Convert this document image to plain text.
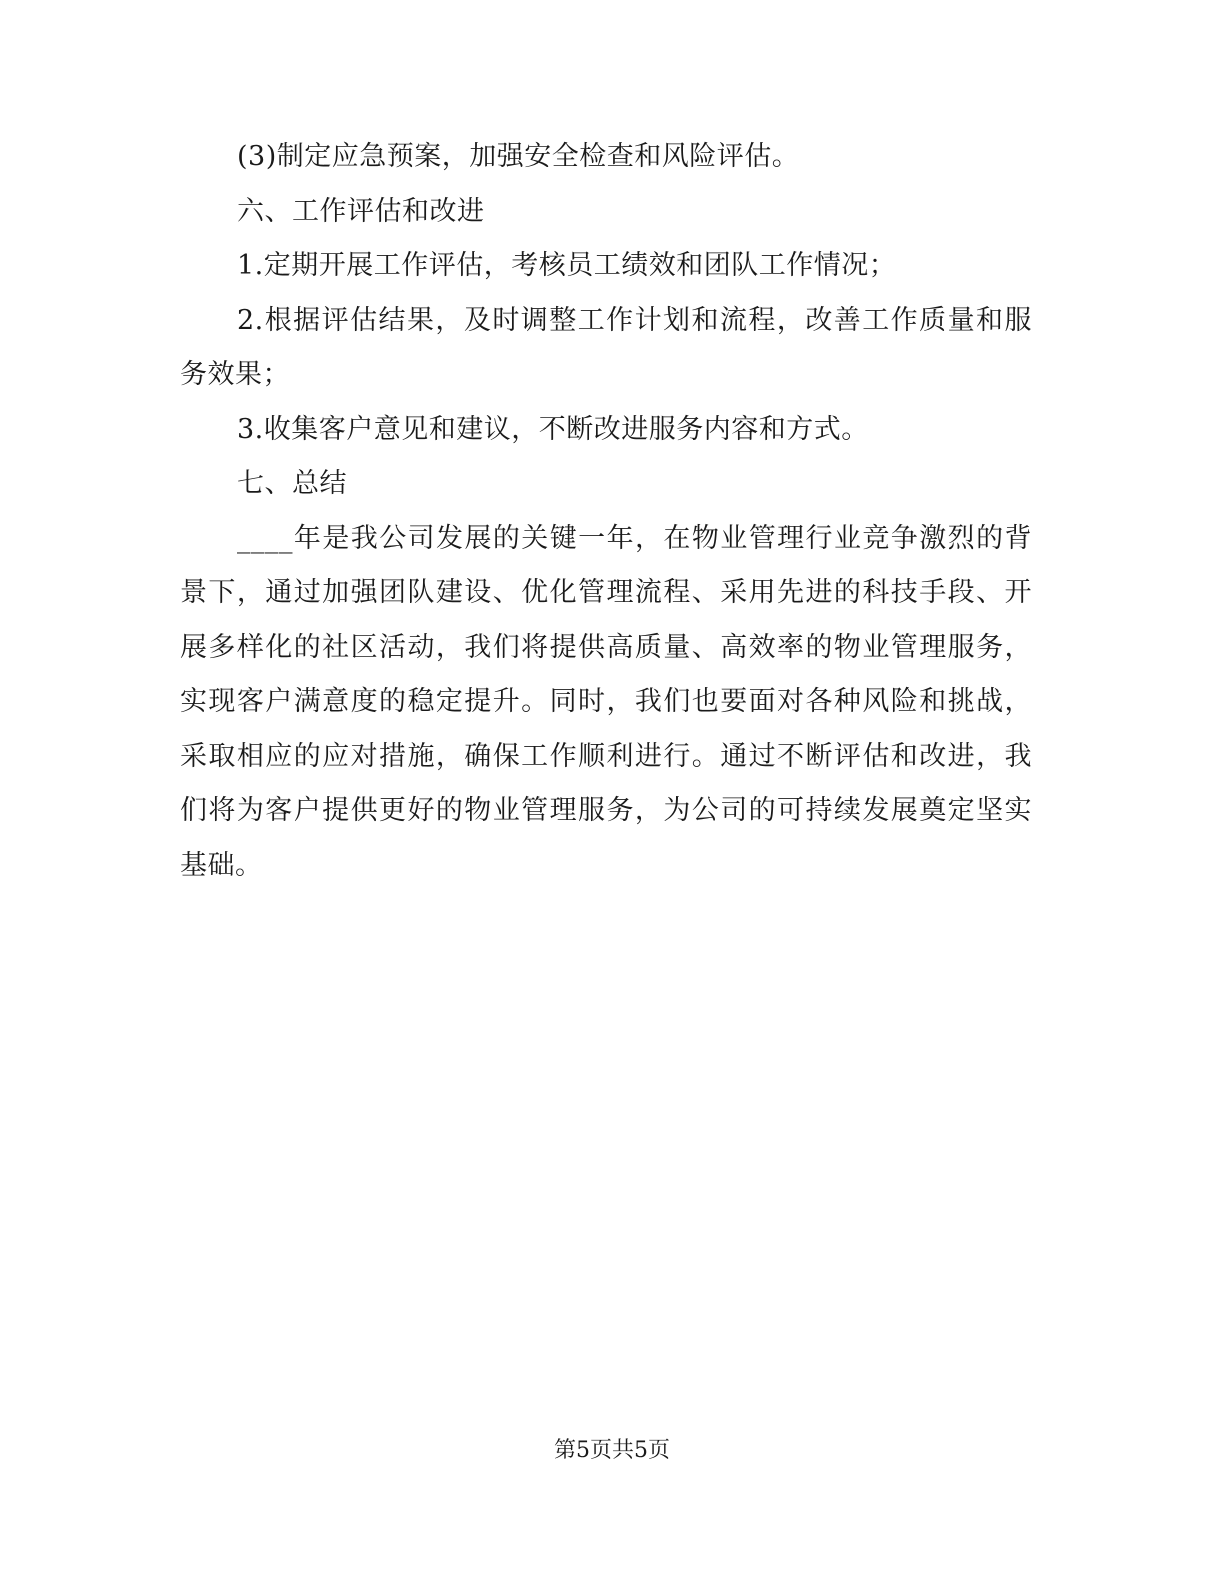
(3)制定应急预案，加强安全检查和风险评估。

六、工作评估和改进

1.定期开展工作评估，考核员工绩效和团队工作情况；

2.根据评估结果，及时调整工作计划和流程，改善工作质量和服务效果；

3.收集客户意见和建议，不断改进服务内容和方式。

七、总结

____年是我公司发展的关键一年，在物业管理行业竞争激烈的背景下，通过加强团队建设、优化管理流程、采用先进的科技手段、开展多样化的社区活动，我们将提供高质量、高效率的物业管理服务，实现客户满意度的稳定提升。同时，我们也要面对各种风险和挑战，采取相应的应对措施，确保工作顺利进行。通过不断评估和改进，我们将为客户提供更好的物业管理服务，为公司的可持续发展奠定坚实基础。

第5页共5页
